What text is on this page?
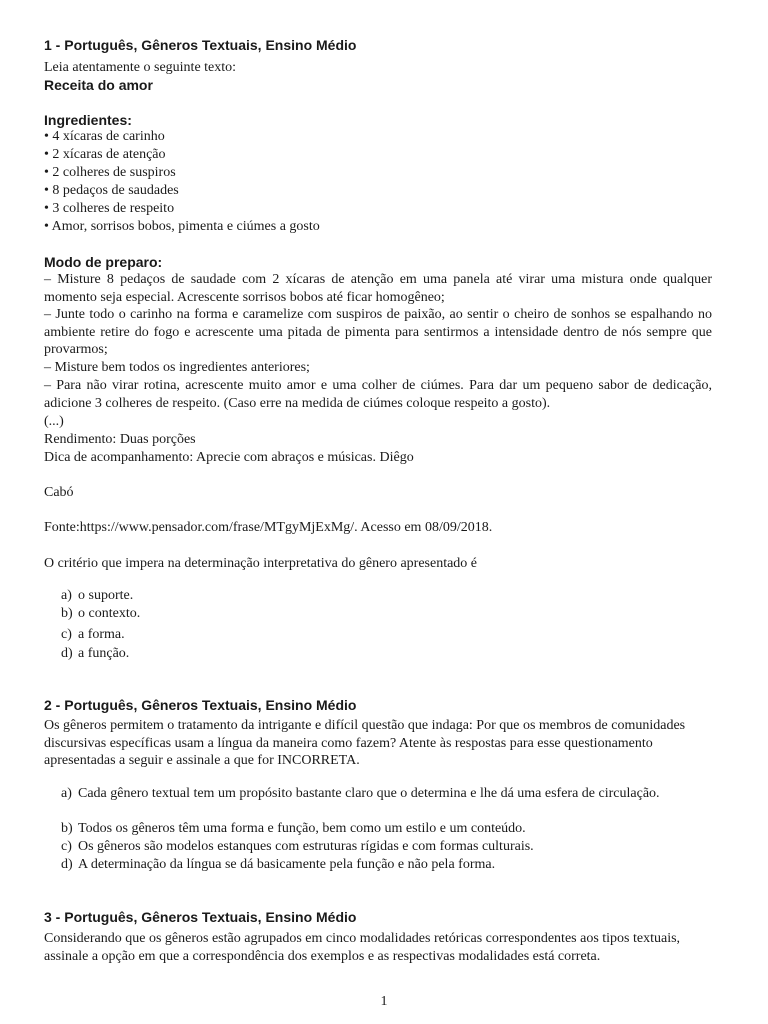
1 - Português, Gêneros Textuais, Ensino Médio
Leia atentamente o seguinte texto:
Receita do amor
Ingredientes:
• 4 xícaras de carinho
• 2 xícaras de atenção
• 2 colheres de suspiros
• 8 pedaços de saudades
• 3 colheres de respeito
• Amor, sorrisos bobos, pimenta e ciúmes a gosto
Modo de preparo:
– Misture 8 pedaços de saudade com 2 xícaras de atenção em uma panela até virar uma mistura onde qualquer momento seja especial. Acrescente sorrisos bobos até ficar homogêneo;
– Junte todo o carinho na forma e caramelize com suspiros de paixão, ao sentir o cheiro de sonhos se espalhando no ambiente retire do fogo e acrescente uma pitada de pimenta para sentirmos a intensidade dentro de nós sempre que provarmos;
– Misture bem todos os ingredientes anteriores;
– Para não virar rotina, acrescente muito amor e uma colher de ciúmes. Para dar um pequeno sabor de dedicação, adicione 3 colheres de respeito. (Caso erre na medida de ciúmes coloque respeito a gosto).
(...)
Rendimento: Duas porções
Dica de acompanhamento: Aprecie com abraços e músicas. Diêgo
Cabó
Fonte:https://www.pensador.com/frase/MTgyMjExMg/. Acesso em 08/09/2018.
O critério que impera na determinação interpretativa do gênero apresentado é
a) o suporte.
b) o contexto.
c) a forma.
d) a função.
2 - Português, Gêneros Textuais, Ensino Médio
Os gêneros permitem o tratamento da intrigante e difícil questão que indaga: Por que os membros de comunidades discursivas específicas usam a língua da maneira como fazem? Atente às respostas para esse questionamento apresentadas a seguir e assinale a que for INCORRETA.
a) Cada gênero textual tem um propósito bastante claro que o determina e lhe dá uma esfera de circulação.
b) Todos os gêneros têm uma forma e função, bem como um estilo e um conteúdo.
c) Os gêneros são modelos estanques com estruturas rígidas e com formas culturais.
d) A determinação da língua se dá basicamente pela função e não pela forma.
3 - Português, Gêneros Textuais, Ensino Médio
Considerando que os gêneros estão agrupados em cinco modalidades retóricas correspondentes aos tipos textuais, assinale a opção em que a correspondência dos exemplos e as respectivas modalidades está correta.
1
